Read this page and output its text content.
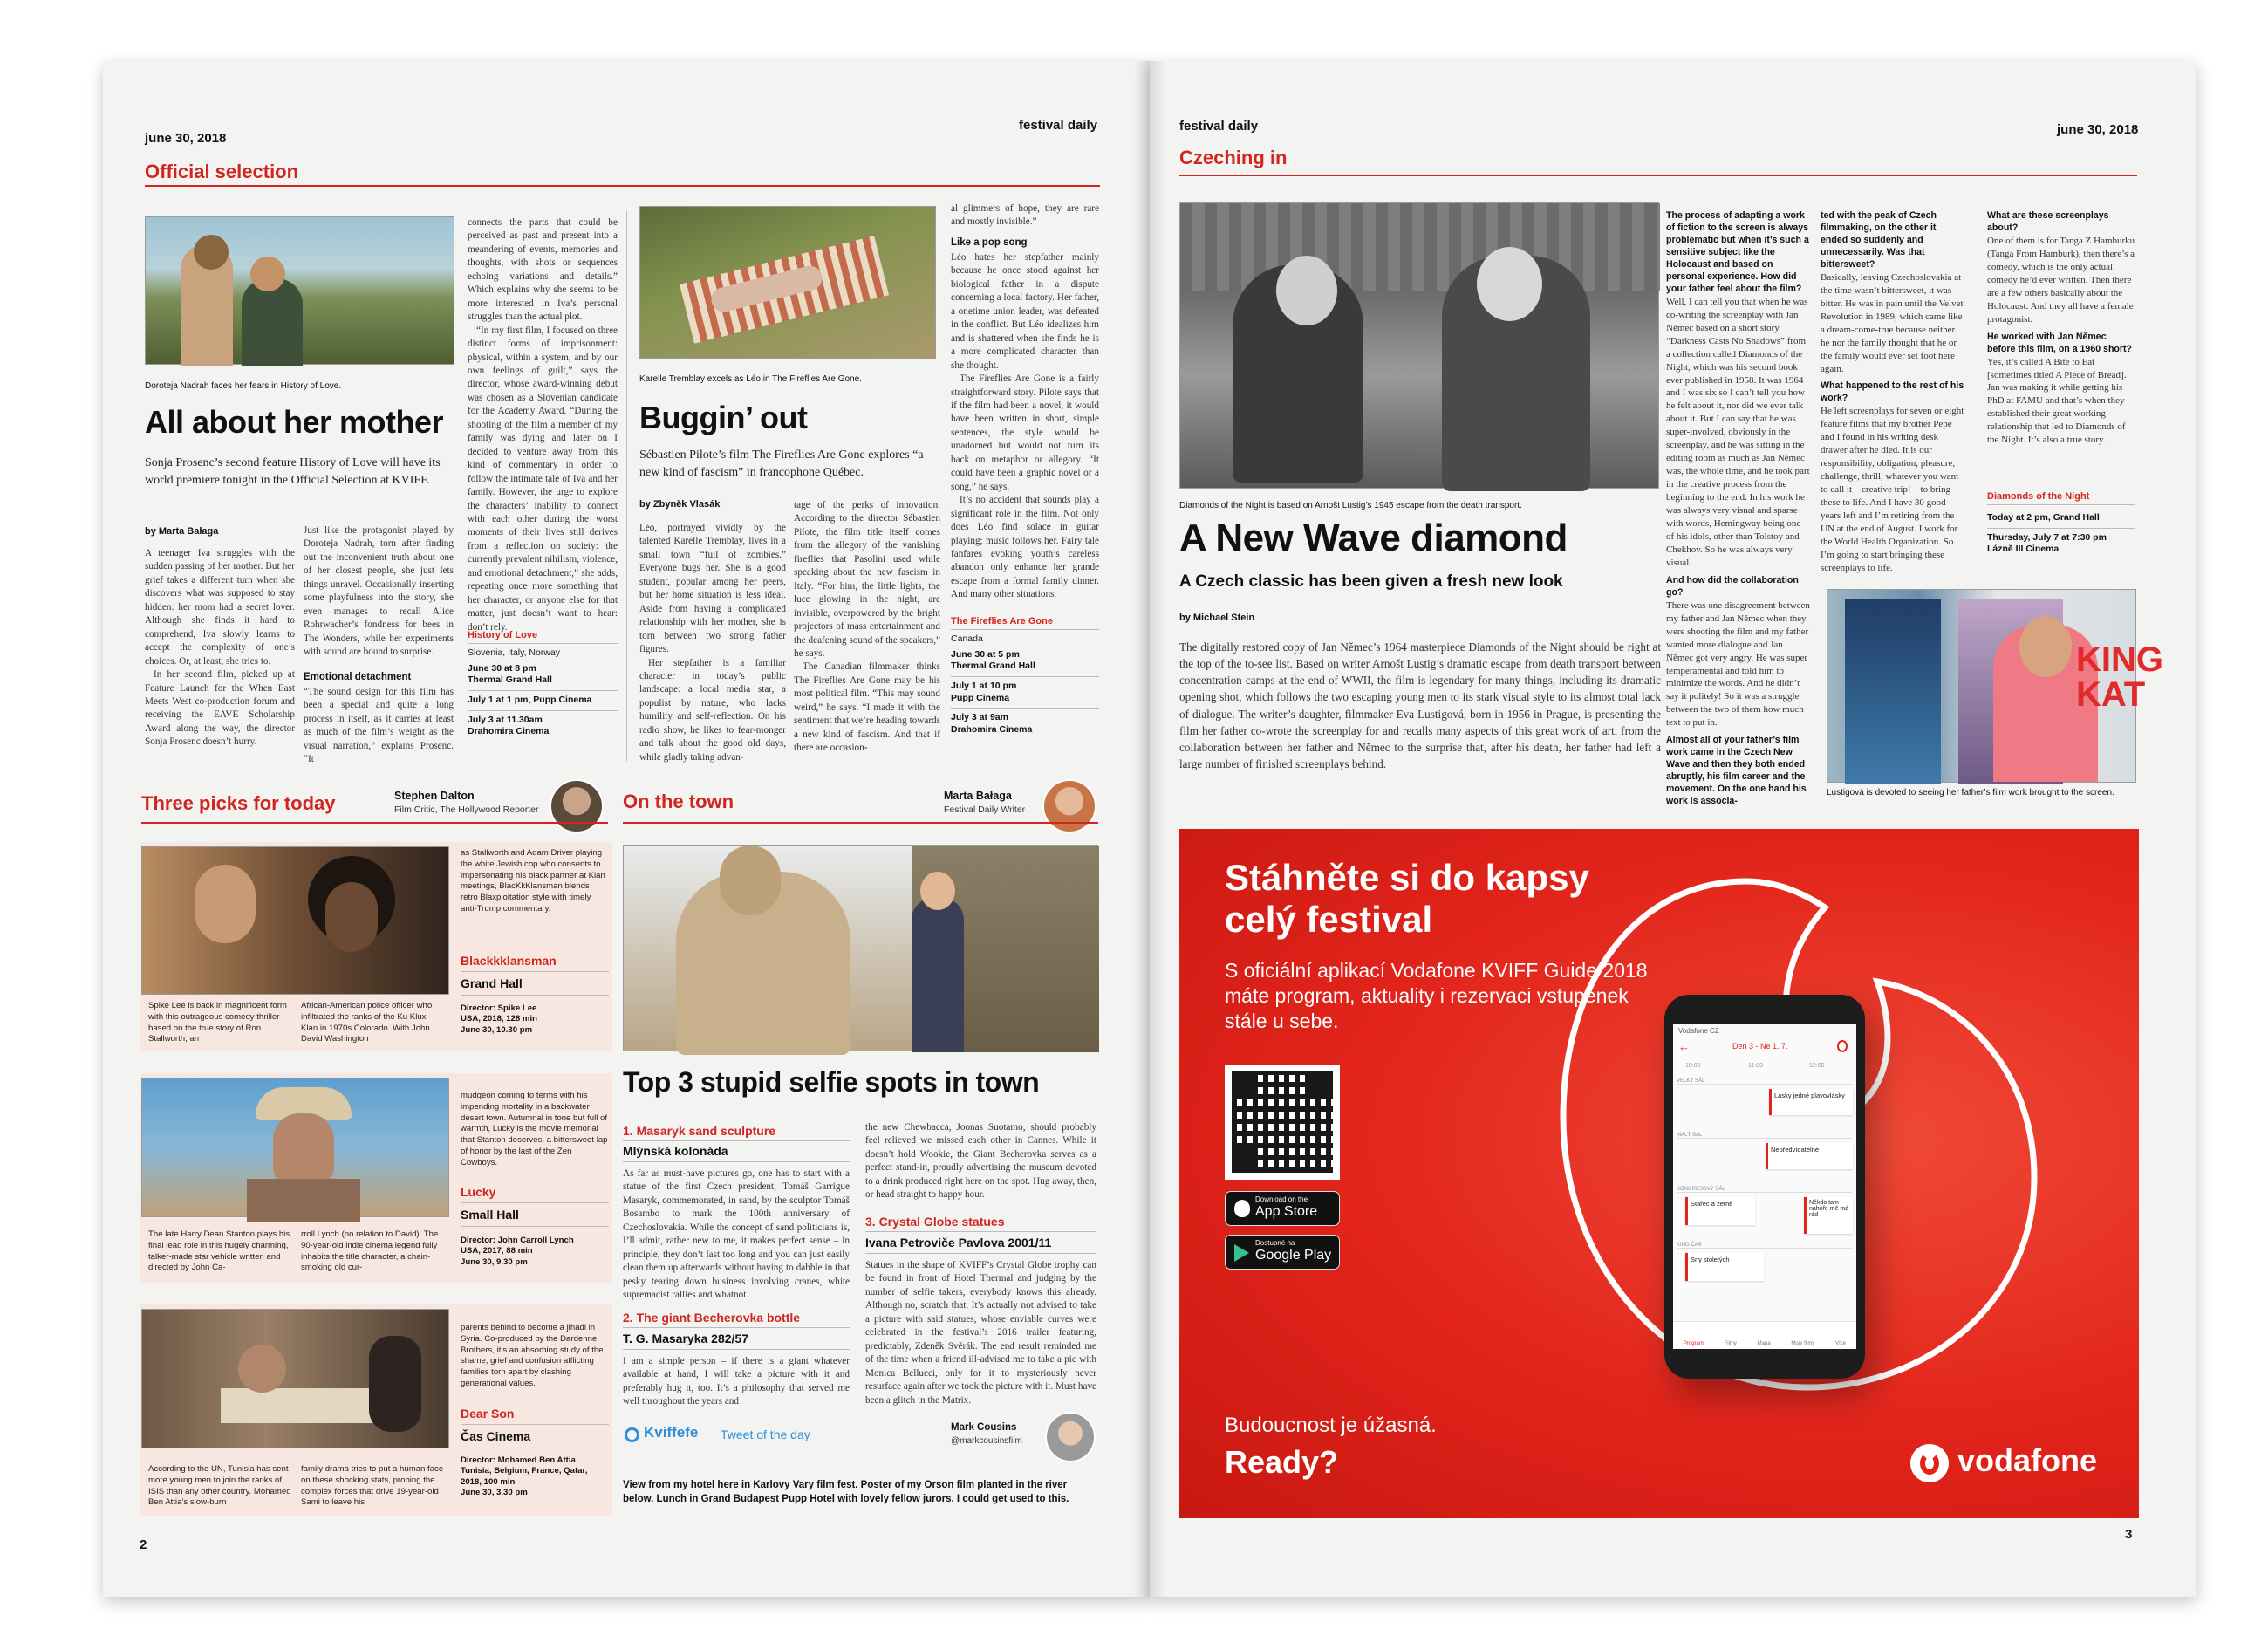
june 30, 2018
festival daily
Official selection
Doroteja Nadrah faces her fears in History of Love.
All about her mother
Sonja Prosenc’s second feature History of Love will have its world premiere tonight in the Official Selection at KVIFF.
by Marta Bałaga

A teenager Iva struggles with the sudden passing of her mother. But her grief takes a different turn when she discovers what was supposed to stay hidden: her mom had a secret lover. Although she finds it hard to comprehend, Iva slowly learns to accept the complexity of one’s choices. Or, at least, she tries to.

In her second film, picked up at Feature Launch for the When East Meets West co-production forum and receiving the EAVE Scholarship Award along the way, the director Sonja Prosenc doesn’t hurry.

Just like the protagonist played by Doroteja Nadrah, torn after finding out the inconvenient truth about one of her closest people, she just lets things unravel. Occasionally inserting some playfulness into the story, she even manages to recall Alice Rohrwacher’s fondness for bees in The Wonders, while her experiments with sound are bound to surprise.

Emotional detachment
“The sound design for this film has been a special and quite a long process in itself, as it carries at least as much of the film’s weight as the visual narration,” explains Prosenc. “It

connects the parts that could be perceived as past and present into a meandering of events, memories and thoughts, with shots or sequences echoing variations and details.” Which explains why she seems to be more interested in Iva’s personal struggles than the actual plot.

“In my first film, I focused on three distinct forms of imprisonment: physical, within a system, and by our own feelings of guilt,” says the director, whose award-winning debut was chosen as a Slovenian candidate for the Academy Award. “During the shooting of the film a member of my family was dying and later on I decided to venture away from this kind of commentary in order to follow the intimate tale of Iva and her family. However, the urge to explore the characters’ inability to connect with each other during the worst moments of their lives still derives from a reflection on society: the currently prevalent nihilism, violence, and emotional detachment,” she adds, repeating once more something that her character, or anyone else for that matter, just doesn’t want to hear: don’t rely.

History of Love
Slovenia, Italy, Norway
June 30 at 8 pm
Thermal Grand Hall
July 1 at 1 pm, Pupp Cinema
July 3 at 11.30am
Drahomira Cinema
Karelle Tremblay excels as Léo in The Fireflies Are Gone.
Buggin’ out
Sébastien Pilote’s film The Fireflies Are Gone explores “a new kind of fascism” in francophone Québec.
by Zbyněk Vlasák

Léo, portrayed vividly by the talented Karelle Tremblay, lives in a small town “full of zombies.” Everyone bugs her. She is a good student, popular among her peers, but her home situation is less ideal. Aside from having a complicated relationship with her mother, she is torn between two strong father figures.

Her stepfather is a familiar character in today’s public landscape: a local media star, a populist by nature, who lacks humility and self-reflection. On his radio show, he likes to fear-monger and talk about the good old days, while gladly taking advan-

tage of the perks of innovation. According to the director Sébastien Pilote, the film title itself comes from the allegory of the vanishing fireflies that Pasolini used while speaking about the new fascism in Italy. “For him, the little lights, the luce glowing in the night, are invisible, overpowered by the bright projectors of mass entertainment and the deafening sound of the speakers,” he says.

The Canadian filmmaker thinks The Fireflies Are Gone may be his most political film. “This may sound weird,” he says. “I made it with the sentiment that we’re heading towards a new kind of fascism. And that if there are occasion-

al glimmers of hope, they are rare and mostly invisible.”
Like a pop song

Léo hates her stepfather mainly because he once stood against her biological father in a dispute concerning a local factory. Her father, a onetime union leader, was defeated in the conflict. But Léo idealizes him and is shattered when she finds he is a more complicated character than she thought.

The Fireflies Are Gone is a fairly straightforward story. Pilote says that if the film had been a novel, it would have been written in short, simple sentences, the style would be unadorned but would not turn its back on metaphor or allegory. “It could have been a graphic novel or a song,” he says.

It’s no accident that sounds play a significant role in the film. Not only does Léo find solace in guitar playing; music follows her. Fairy tale fanfares evoking youth’s careless abandon only enhance her grande escape from a formal family dinner. And many other situations.

The Fireflies Are Gone
Canada
June 30 at 5 pm
Thermal Grand Hall
July 1 at 10 pm
Pupp Cinema
July 3 at 9am
Drahomira Cinema
Three picks for today	Stephen Dalton
Film Critic, The Hollywood Reporter
Spike Lee is back in magnificent form with this outrageous comedy thriller based on the true story of Ron Stallworth, an
African-American police officer who infiltrated the ranks of the Ku Klux Klan in 1970s Colorado. With John David Washington
as Stallworth and Adam Driver playing the white Jewish cop who consents to impersonating his black partner at Klan meetings, BlacKkKlansman blends retro Blaxploitation style with timely anti-Trump commentary.
Blackkklansman
Grand Hall
Director: Spike Lee
USA, 2018, 128 min
June 30, 10.30 pm
The late Harry Dean Stanton plays his final lead role in this hugely charming, talker-made star vehicle written and directed by John Ca-
rroll Lynch (no relation to David). The 90-year-old indie cinema legend fully inhabits the title character, a chain-smoking old cur-
mudgeon coming to terms with his impending mortality in a backwater desert town. Autumnal in tone but full of warmth, Lucky is the movie memorial that Stanton deserves, a bittersweet lap of honor by the last of the Zen Cowboys.
Lucky
Small Hall
Director: John Carroll Lynch
USA, 2017, 88 min
June 30, 9.30 pm
According to the UN, Tunisia has sent more young men to join the ranks of ISIS than any other country. Mohamed Ben Attia’s slow-burn
family drama tries to put a human face on these shocking stats, probing the complex forces that drive 19-year-old Sami to leave his
parents behind to become a jihadi in Syria. Co-produced by the Dardenne Brothers, it’s an absorbing study of the shame, grief and confusion afflicting families torn apart by clashing generational values.
Dear Son
Čas Cinema
Director: Mohamed Ben Attia
Tunisia, Belgium, France, Qatar, 2018, 100 min
June 30, 3.30 pm
On the town	Marta Bałaga
Festival Daily Writer
Top 3 stupid selfie spots in town
1. Masaryk sand sculpture
Mlýnská kolonáda
As far as must-have pictures go, one has to start with a statue of the first Czech president, Tomáš Garrigue Masaryk, commemorated, in sand, by the sculptor Tomáš Bosambo to mark the 100th anniversary of Czechoslovakia. While the concept of sand politicians is, I’ll admit, rather new to me, it makes perfect sense – in principle, they don’t last too long and you can just easily clean them up afterwards without having to dabble in that pesky tearing down business involving cranes, white supremacist rallies and whatnot.
2. The giant Becherovka bottle
T. G. Masaryka 282/57
I am a simple person – if there is a giant whatever available at hand, I will take a picture with it and preferably hug it, too. It’s a philosophy that served me well throughout the years and
the new Chewbacca, Joonas Suotamo, should probably feel relieved we missed each other in Cannes. While it doesn’t hold Wookie, the Giant Becherovka serves as a perfect stand-in, proudly advertising the museum devoted to a drink produced right here on the spot. Hug away, then, or head straight to happy hour.
3. Crystal Globe statues
Ivana Petroviče Pavlova 2001/11
Statues in the shape of KVIFF’s Crystal Globe trophy can be found in front of Hotel Thermal and judging by the number of selfie takers, everybody knows this already. Although no, scratch that. It’s actually not advised to take a picture with said statues, whose enviable curves were celebrated in the festival’s 2016 trailer featuring, predictably, Zdeněk Svěrák. The end result reminded me of the time when a friend ill-advised me to take a pic with Monica Bellucci, only for it to mysteriously never resurface again after we took the picture with it. Must have been a glitch in the Matrix.
Kviffefe Tweet of the day	Mark Cousins
@markcousinsfilm
View from my hotel here in Karlovy Vary film fest. Poster of my Orson film planted in the river below. Lunch in Grand Budapest Pupp Hotel with lovely fellow jurors. I could get used to this.
2
festival daily	june 30, 2018
Czeching in
Diamonds of the Night is based on Arnošt Lustig’s 1945 escape from the death transport.
A New Wave diamond
A Czech classic has been given a fresh new look
by Michael Stein
The digitally restored copy of Jan Němec’s 1964 masterpiece Diamonds of the Night should be right at the top of the to-see list. Based on writer Arnošt Lustig’s dramatic escape from death transport between concentration camps at the end of WWII, the film is legendary for many things, including its dramatic opening shot, which follows the two escaping young men to its stark visual style to its almost total lack of dialogue. The writer’s daughter, filmmaker Eva Lustigová, born in 1956 in Prague, is presenting the film her father co-wrote the screenplay for and recalls many aspects of this great work of art, from the collaboration between her father and Němec to the surprise that, after his death, her father had left a large number of finished screenplays behind.
The process of adapting a work of fiction to the screen is always problematic but when it’s such a sensitive subject like the Holocaust and based on personal experience. How did your father feel about the film?
Well, I can tell you that when he was co-writing the screenplay with Jan Němec based on a short story “Darkness Casts No Shadows” from a collection called Diamonds of the Night, which was his second book ever published in 1958. It was 1964 and I was six so I can’t tell you how he felt about it, nor did we ever talk about it. But I can say that he was super-involved, obviously in the screenplay, and he was sitting in the editing room as much as Jan Němec was, the whole time, and he took part in the creative process from the beginning to the end. In his work he was always very visual and sparse with words, Hemingway being one of his idols, other than Tolstoy and Chekhov. So he was always very visual.
And how did the collaboration go?
There was one disagreement between my father and Jan Němec when they were shooting the film and my father wanted more dialogue and Jan Němec got very angry. He was super temperamental and told him to minimize the words. And he didn’t say it politely! So it was a struggle between the two of them how much text to put in.
Almost all of your father’s film work came in the Czech New Wave and then they both ended abruptly, his film career and the movement. On the one hand his work is associa-
ted with the peak of Czech filmmaking, on the other it ended so suddenly and unnecessarily. Was that bittersweet?
Basically, leaving Czechoslovakia at the time wasn’t bittersweet, it was bitter. He was in pain until the Velvet Revolution in 1989, which came like a dream-come-true because neither he nor the family thought that he or the family would ever set foot here again.
What happened to the rest of his work?
He left screenplays for seven or eight feature films that my brother Pepe and I found in his writing desk drawer after he died. It is our responsibility, obligation, pleasure, challenge, thrill, whatever you want to call it – creative trip! – to bring these to life. And I have 30 good years left and I’m retiring from the UN at the end of August. I work for the World Health Organization. So I’m going to start bringing these screenplays to life.
What are these screenplays about?
One of them is for Tanga Z Hamburku (Tanga From Hamburk), then there’s a comedy, which is the only actual comedy he’d ever written. Then there are a few others basically about the Holocaust. And they all have a female protagonist.
He worked with Jan Němec before this film, on a 1960 short?
Yes, it’s called A Bite to Eat [sometimes titled A Piece of Bread]. Jan was making it while getting his PhD at FAMU and that’s when they established their great working relationship that led to Diamonds of the Night. It’s also a true story.
Diamonds of the Night
Today at 2 pm, Grand Hall
Thursday, July 7 at 7:30 pm
Lázně III Cinema
KING
KAT
Lustigová is devoted to seeing her father’s film work brought to the screen.
Stáhněte si do kapsy
celý festival
S oficiální aplikací Vodafone KVIFF Guide 2018
máte program, aktuality i rezervaci vstupenek
stále u sebe.
Download on the
App Store
Dostupné na
Google Play
Vodafone CZ
←	Den 3 - Ne 1. 7.
10:00	11:00	12:00
VELKÝ SÁL
Lásky jedné plavovlásky
MALÝ SÁL
Nepředvídatelné
KONGRESOVÝ SÁL
Stařec a země	Někdo tam nahoře mě má rád
KINO ČAS
Sny stoletých
Program	Filmy	Mapa	Moje filmy	Více
Budoucnost je úžasná.
Ready?	vodafone
3
